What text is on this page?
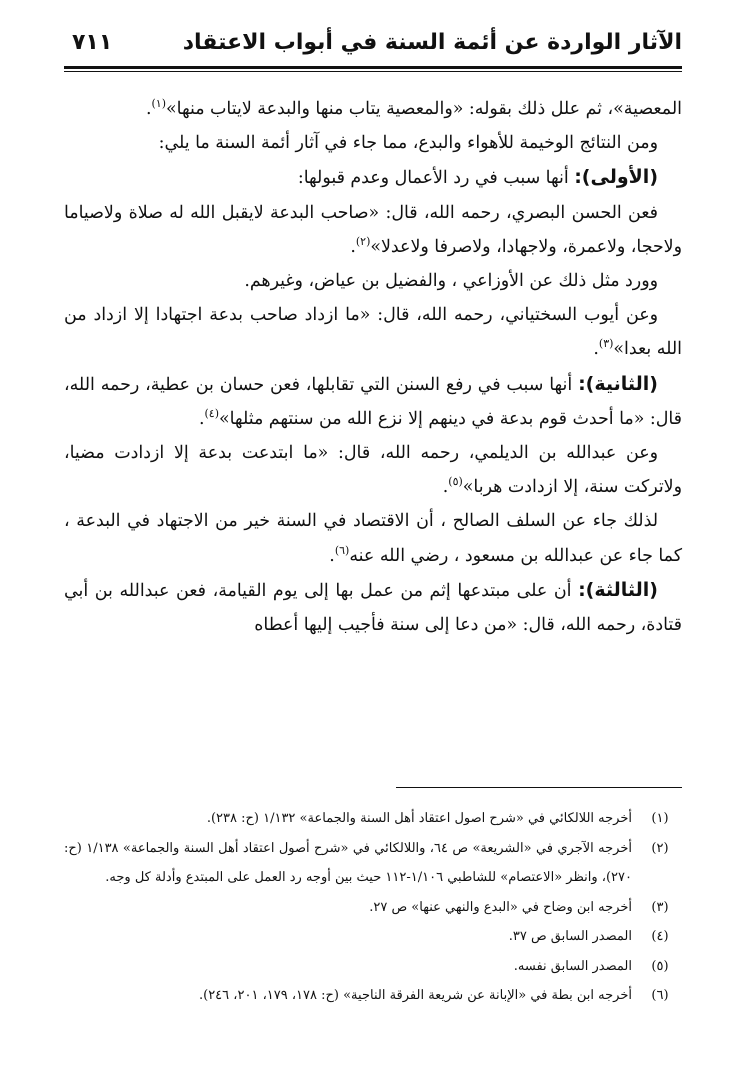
الآثار الواردة عن أئمة السنة في أبواب الاعتقاد
٧١١

المعصية»، ثم علل ذلك بقوله: «والمعصية يتاب منها والبدعة لايتاب منها»$^{(١)}$.

ومن النتائج الوخيمة للأهواء والبدع، مما جاء في آثار أئمة السنة ما يلي:

(الأولى): أنها سبب في رد الأعمال وعدم قبولها:

فعن الحسن البصري، رحمه الله، قال: «صاحب البدعة لايقبل الله له صلاة ولاصياما ولاحجا، ولاعمرة، ولاجهادا، ولاصرفا ولاعدلا»$^{(٢)}$.

وورد مثل ذلك عن الأوزاعي ، والفضيل بن عياض، وغيرهم.

وعن أيوب السختياني، رحمه الله، قال: «ما ازداد صاحب بدعة اجتهادا إلا ازداد من الله بعدا»$^{(٣)}$.

(الثانية): أنها سبب في رفع السنن التي تقابلها، فعن حسان بن عطية، رحمه الله، قال: «ما أحدث قوم بدعة في دينهم إلا نزع الله من سنتهم مثلها»$^{(٤)}$.

وعن عبدالله بن الديلمي، رحمه الله، قال: «ما ابتدعت بدعة إلا ازدادت مضيا، ولاتركت سنة، إلا ازدادت هربا»$^{(٥)}$.

لذلك جاء عن السلف الصالح ، أن الاقتصاد في السنة خير من الاجتهاد في البدعة ، كما جاء عن عبدالله بن مسعود ، رضي الله عنه$^{(٦)}$.

(الثالثة): أن على مبتدعها إثم من عمل بها إلى يوم القيامة، فعن عبدالله بن أبي قتادة، رحمه الله، قال: «من دعا إلى سنة فأجيب إليها أعطاه

(١)
أخرجه اللالكائي في «شرح اصول اعتقاد أهل السنة والجماعة» ١/١٣٢ (ح: ٢٣٨).
(٢)
أخرجه الآجري في «الشريعة» ص ٦٤، واللالكائي في «شرح أصول اعتقاد أهل السنة والجماعة» ١/١٣٨ (ح: ٢٧٠)، وانظر «الاعتصام» للشاطبي ١/١٠٦-١١٢ حيث بين أوجه رد العمل على المبتدع وأدلة كل وجه.
(٣)
أخرجه ابن وضاح في «البدع والنهي عنها» ص ٢٧.
(٤)
المصدر السابق ص ٣٧.
(٥)
المصدر السابق نفسه.
(٦)
أخرجه ابن بطة في «الإبانة عن شريعة الفرقة الناجية» (ح: ١٧٨، ١٧٩، ٢٠١، ٢٤٦).
